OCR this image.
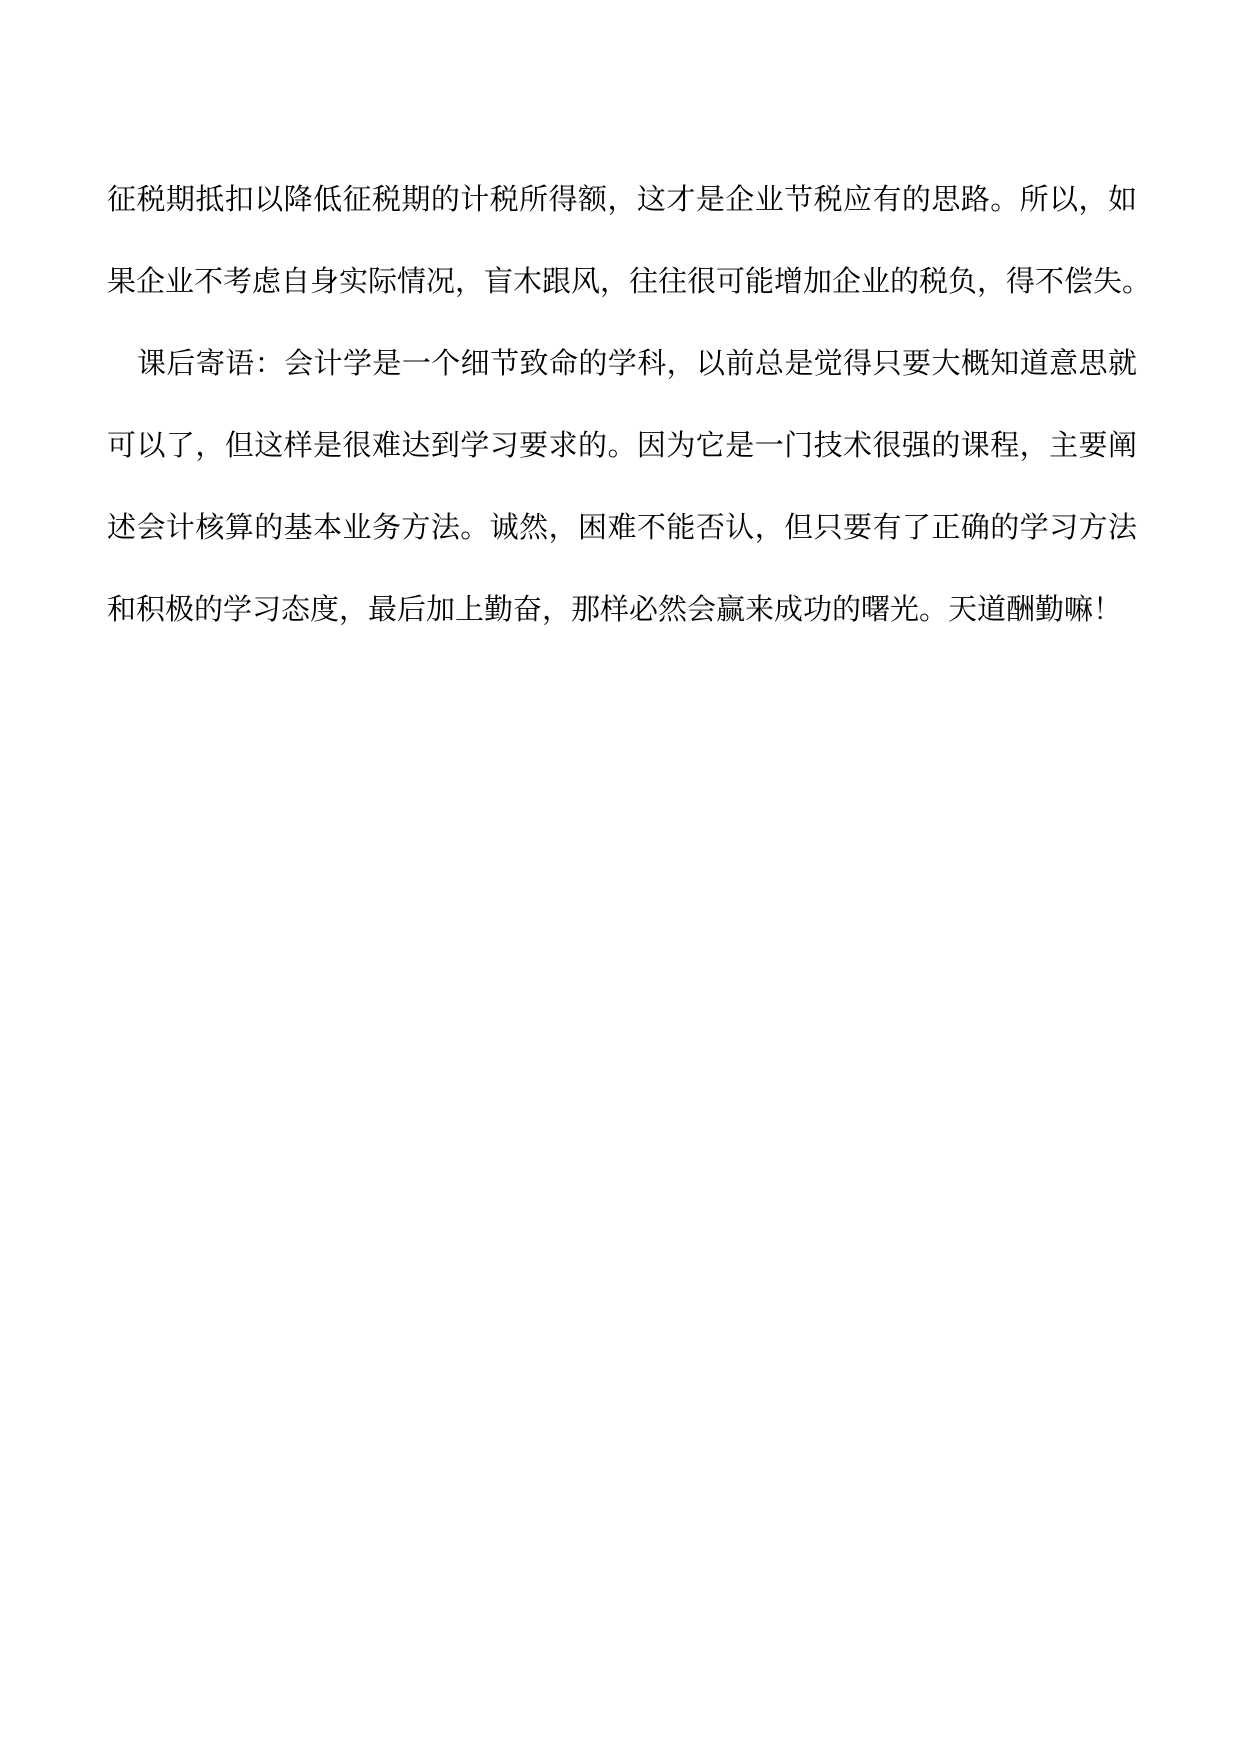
征税期抵扣以降低征税期的计税所得额，这才是企业节税应有的思路。所以，如
果企业不考虑自身实际情况，盲木跟风，往往很可能增加企业的税负，得不偿失。
课后寄语：会计学是一个细节致命的学科，以前总是觉得只要大概知道意思就
可以了，但这样是很难达到学习要求的。因为它是一门技术很强的课程，主要阐
述会计核算的基本业务方法。诚然，困难不能否认，但只要有了正确的学习方法
和积极的学习态度，最后加上勤奋，那样必然会赢来成功的曙光。天道酬勤嘛！
